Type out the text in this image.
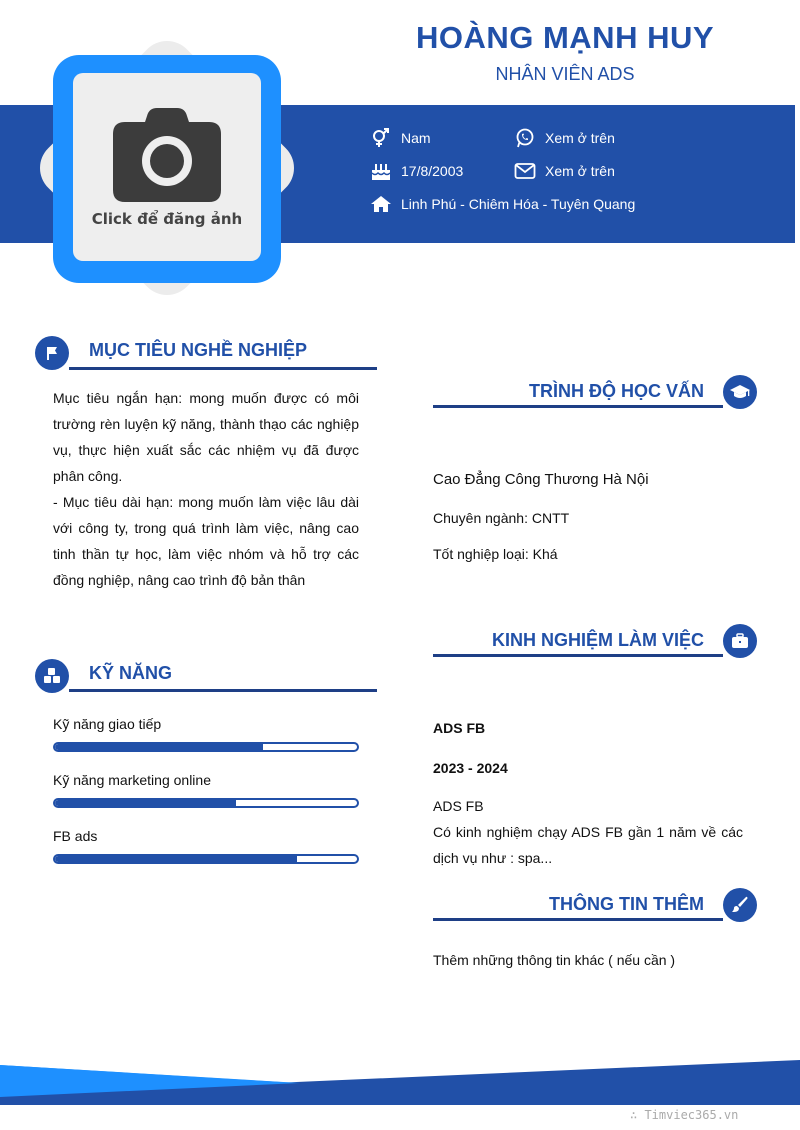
HOÀNG MẠNH HUY
NHÂN VIÊN ADS
Click để đăng ảnh
Nam	Xem ở trên
17/8/2003	Xem ở trên
Linh Phú - Chiêm Hóa - Tuyên Quang
MỤC TIÊU NGHỀ NGHIỆP
Mục tiêu ngắn hạn: mong muốn được có môi trường rèn luyện kỹ năng, thành thạo các nghiệp vụ, thực hiện xuất sắc các nhiệm vụ đã được phân công.
- Mục tiêu dài hạn: mong muốn làm việc lâu dài với công ty, trong quá trình làm việc, nâng cao tinh thần tự học, làm việc nhóm và hỗ trợ các đồng nghiệp, nâng cao trình độ bản thân
KỸ NĂNG
Kỹ năng giao tiếp
Kỹ năng marketing online
FB ads
TRÌNH ĐỘ HỌC VẤN
Cao Đẳng Công Thương Hà Nội
Chuyên ngành: CNTT
Tốt nghiệp loại: Khá
KINH NGHIỆM LÀM VIỆC
ADS FB
2023 - 2024
ADS FB
Có kinh nghiệm chạy ADS FB gần 1 năm về các dịch vụ như : spa...
THÔNG TIN THÊM
Thêm những thông tin khác ( nếu cần )
∴ Timviec365.vn
